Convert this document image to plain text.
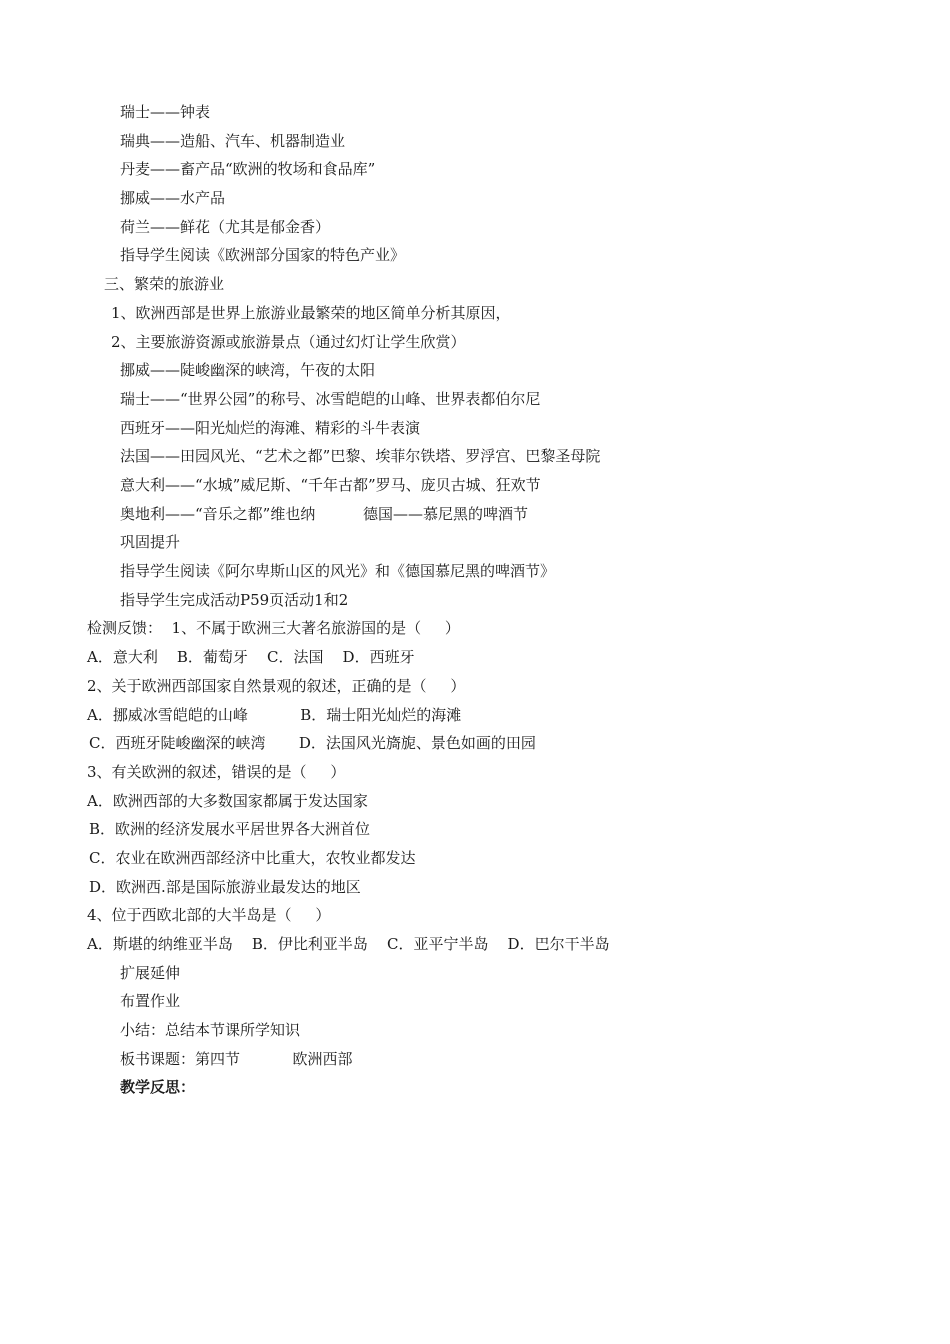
瑞士——钟表
瑞典——造船、汽车、机器制造业
丹麦——畜产品“欧洲的牧场和食品库”
挪威——水产品
荷兰——鲜花（尤其是郁金香）
指导学生阅读《欧洲部分国家的特色产业》
三、繁荣的旅游业
1、欧洲西部是世界上旅游业最繁荣的地区简单分析其原因，
2、主要旅游资源或旅游景点（通过幻灯让学生欣赏）
挪威——陡峻幽深的峡湾，午夜的太阳
瑞士——“世界公园”的称号、冰雪皑皑的山峰、世界表都伯尔尼
西班牙——阳光灿烂的海滩、精彩的斗牛表演
法国——田园风光、“艺术之都”巴黎、埃菲尔铁塔、罗浮宫、巴黎圣母院
意大利——“水城”威尼斯、“千年古都”罗马、庞贝古城、狂欢节
奥地利——“音乐之都”维也纳          德国——慕尼黑的啤酒节
巩固提升
指导学生阅读《阿尔卑斯山区的风光》和《德国慕尼黑的啤酒节》
指导学生完成活动P59页活动1和2
检测反馈：  1、不属于欧洲三大著名旅游国的是（     ）
A．意大利    B．葡萄牙    C．法国    D．西班牙
2、关于欧洲西部国家自然景观的叙述，正确的是（     ）
A．挪威冰雪皑皑的山峰           B．瑞士阳光灿烂的海滩
C．西班牙陡峻幽深的峡湾       D．法国风光旖旎、景色如画的田园
3、有关欧洲的叙述，错误的是（     ）
A．欧洲西部的大多数国家都属于发达国家
B．欧洲的经济发展水平居世界各大洲首位
C．农业在欧洲西部经济中比重大，农牧业都发达
D．欧洲西.部是国际旅游业最发达的地区
4、位于西欧北部的大半岛是（     ）
A．斯堪的纳维亚半岛    B．伊比利亚半岛    C．亚平宁半岛    D．巴尔干半岛
扩展延伸
布置作业
小结：总结本节课所学知识
板书课题：第四节           欧洲西部
教学反思：
